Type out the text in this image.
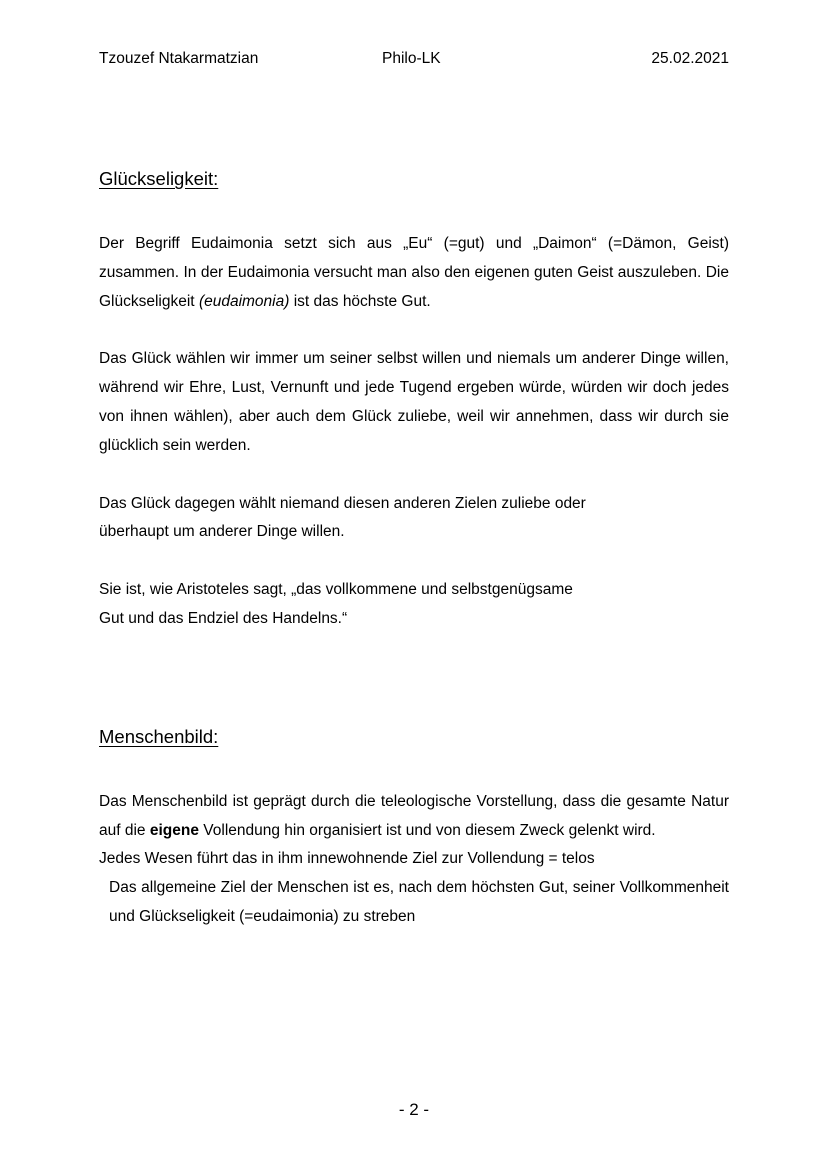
Tzouzef Ntakarmatzian	Philo-LK	25.02.2021
Glückseligkeit:

Der Begriff Eudaimonia setzt sich aus „Eu“ (=gut) und „Daimon“ (=Dämon, Geist) zusammen. In der Eudaimonia versucht man also den eigenen guten Geist auszuleben. Die Glückseligkeit (eudaimonia) ist das höchste Gut.

Das Glück wählen wir immer um seiner selbst willen und niemals um anderer Dinge willen, während wir Ehre, Lust, Vernunft und jede Tugend ergeben würde, würden wir doch jedes von ihnen wählen), aber auch dem Glück zuliebe, weil wir annehmen, dass wir durch sie glücklich sein werden.

Das Glück dagegen wählt niemand diesen anderen Zielen zuliebe oder
überhaupt um anderer Dinge willen.

Sie ist, wie Aristoteles sagt, „das vollkommene und selbstgenügsame
Gut und das Endziel des Handelns.“

Menschenbild:

Das Menschenbild ist geprägt durch die teleologische Vorstellung, dass die gesamte Natur auf die eigene Vollendung hin organisiert ist und von diesem Zweck gelenkt wird.

Jedes Wesen führt das in ihm innewohnende Ziel zur Vollendung = telos

Das allgemeine Ziel der Menschen ist es, nach dem höchsten Gut, seiner Vollkommenheit und Glückseligkeit (=eudaimonia) zu streben

- 2 -
